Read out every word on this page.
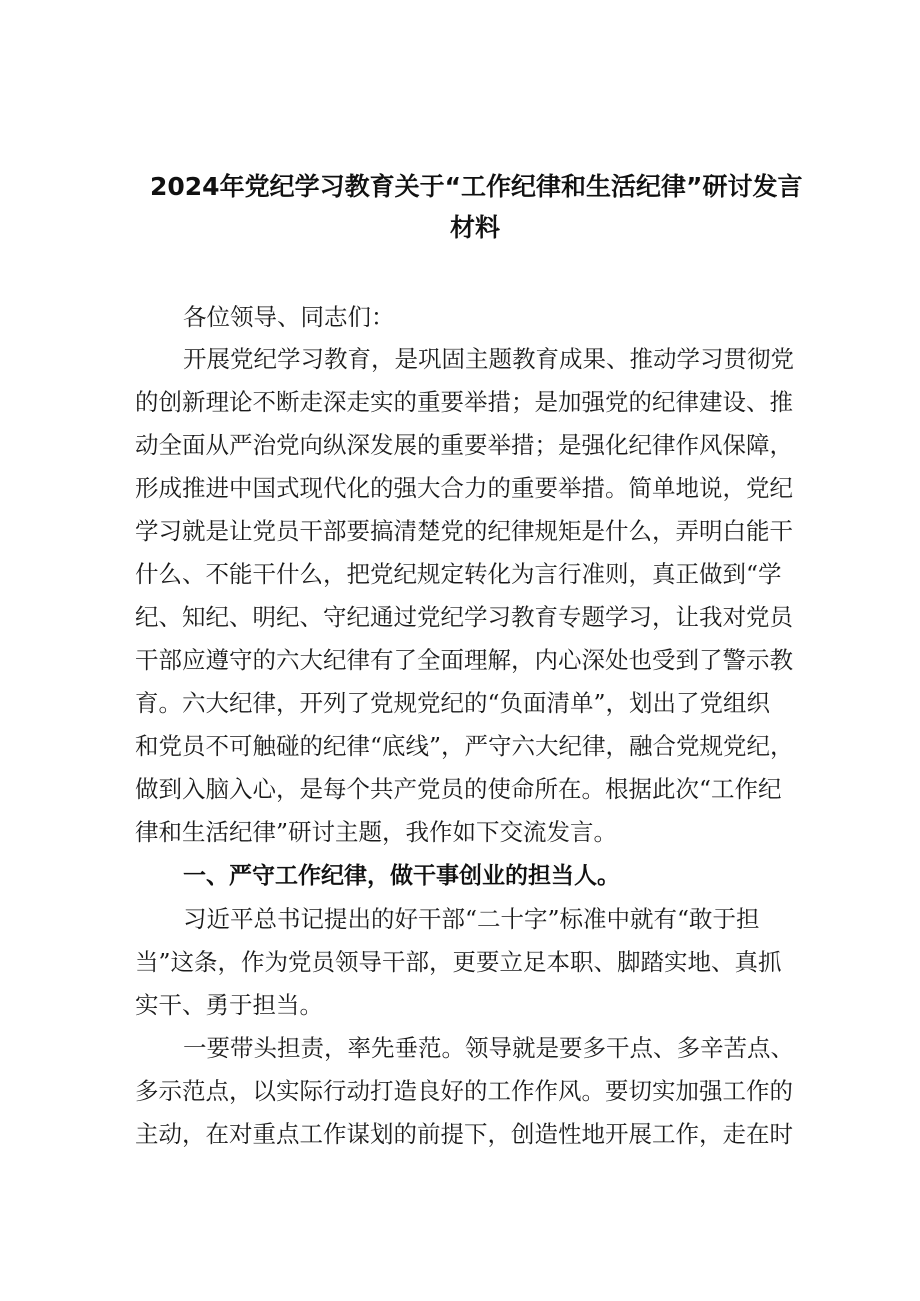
2024年党纪学习教育关于“工作纪律和生活纪律”研讨发言
材料
各位领导、同志们：
开展党纪学习教育，是巩固主题教育成果、推动学习贯彻党
的创新理论不断走深走实的重要举措；是加强党的纪律建设、推
动全面从严治党向纵深发展的重要举措；是强化纪律作风保障，
形成推进中国式现代化的强大合力的重要举措。简单地说，党纪
学习就是让党员干部要搞清楚党的纪律规矩是什么，弄明白能干
什么、不能干什么，把党纪规定转化为言行准则，真正做到“学
纪、知纪、明纪、守纪通过党纪学习教育专题学习，让我对党员
干部应遵守的六大纪律有了全面理解，内心深处也受到了警示教
育。六大纪律，开列了党规党纪的“负面清单”，划出了党组织
和党员不可触碰的纪律“底线”，严守六大纪律，融合党规党纪，
做到入脑入心，是每个共产党员的使命所在。根据此次“工作纪
律和生活纪律”研讨主题，我作如下交流发言。
一、严守工作纪律，做干事创业的担当人。
习近平总书记提出的好干部“二十字”标准中就有“敢于担
当”这条，作为党员领导干部，更要立足本职、脚踏实地、真抓
实干、勇于担当。
一要带头担责，率先垂范。领导就是要多干点、多辛苦点、
多示范点，以实际行动打造良好的工作作风。要切实加强工作的
主动，在对重点工作谋划的前提下，创造性地开展工作，走在时
